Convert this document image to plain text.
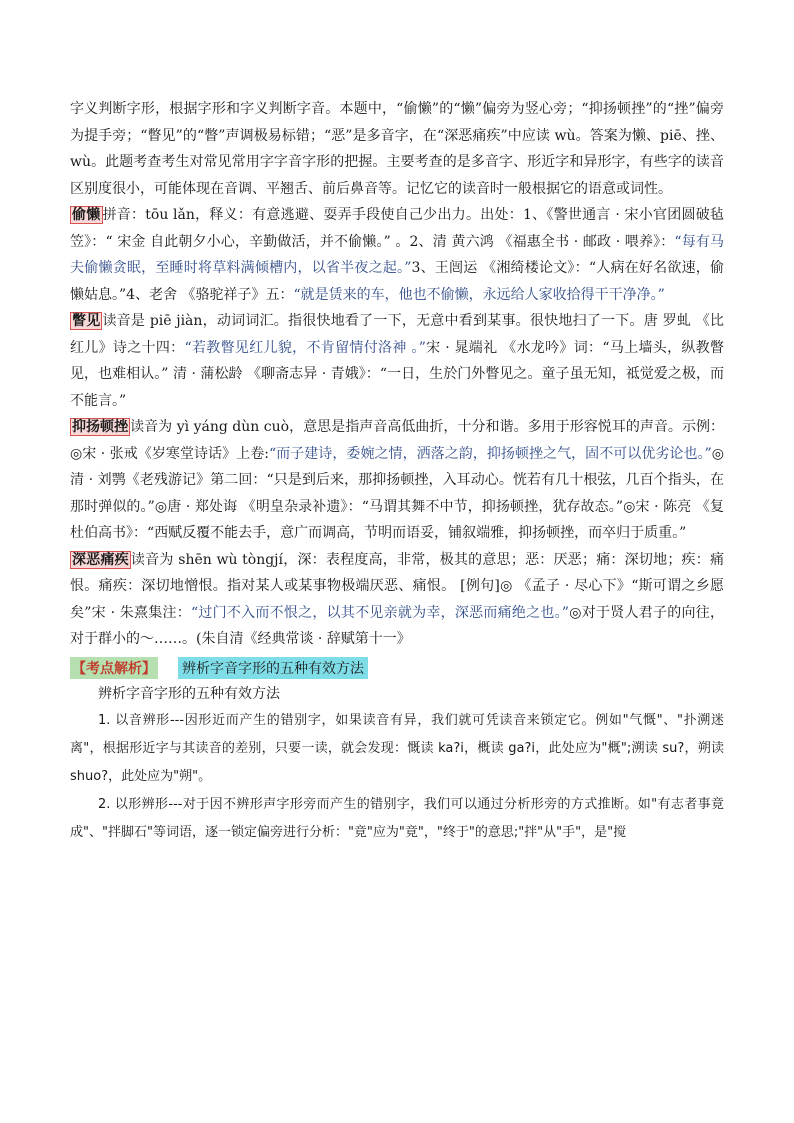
字义判断字形，根据字形和字义判断字音。本题中，“偷懒”的“懒”偏旁为竖心旁；“抑扬顿挫”的“挫”偏旁为提手旁；“瞥见”的“瞥”声调极易标错；“恶”是多音字，在“深恶痛疾”中应读 wù。答案为懒、piē、挫、wù。此题考查考生对常见常用字字音字形的把握。主要考查的是多音字、形近字和异形字，有些字的读音区别度很小，可能体现在音调、平翘舌、前后鼻音等。记忆它的读音时一般根据它的语意或词性。

偷懒 拼音：tōu lǎn，释义：有意逃避、耍弄手段使自己少出力。出处：1、《警世通言 · 宋小官团圆破毡笠》：“ 宋金 自此朝夕小心，辛勤做活，并不偷懒。” 。2、清 黄六鸿 《福惠全书 · 邮政 · 喂养》：“每有马夫偷懒贪眠，至睡时将草料满倾槽内，以省半夜之起。”3、王闿运 《湘绮楼论文》：“人病在好名欲速，偷懒姑息。”4、老舍 《骆驼祥子》五：“就是赁来的车，他也不偷懒，永远给人家收拾得干干净净。”

瞥见 读音是 piē jiàn，动词词汇。指很快地看了一下，无意中看到某事。很快地扫了一下。唐 罗虬 《比红儿》诗之十四：“若教瞥见红儿貌，不肯留情付洛神 。”宋 · 晁端礼 《水龙吟》词：“马上墙头，纵教瞥见，也难相认。” 清 · 蒲松龄 《聊斋志异 · 青娥》：“一日，生於门外瞥见之。童子虽无知，祗觉爱之极，而不能言。”

抑扬顿挫 读音为 yì yáng dùn cuò，意思是指声音高低曲折，十分和谐。多用于形容悦耳的声音。示例：◎宋 · 张戒《岁寒堂诗话》上卷:“而子建诗，委婉之情，洒落之韵，抑扬顿挫之气，固不可以优劣论也。”◎清 · 刘鹗《老残游记》第二回：“只是到后来，那抑扬顿挫，入耳动心。恍若有几十根弦，几百个指头，在那时弹似的。”◎唐 · 郑处诲 《明皇杂录补遗》：“马谓其舞不中节，抑扬顿挫，犹存故态。”◎宋 · 陈亮 《复杜伯高书》：“西赋反覆不能去手，意广而调高，节明而语妥，铺叙端雅，抑扬顿挫，而卒归于质重。”

深恶痛疾 读音为 shēn wù tòngjí，深：表程度高，非常，极其的意思；恶：厌恶；痛：深切地；疾：痛恨。痛疾：深切地憎恨。指对某人或某事物极端厌恶、痛恨。 [例句]◎ 《孟子 · 尽心下》“斯可谓之乡愿矣”宋 · 朱熹集注：“过门不入而不恨之，以其不见亲就为幸，深恶而痛绝之也。”◎对于贤人君子的向往，对于群小的～……。(朱自清《经典常谈 · 辞赋第十一》

【考点解析】 辨析字音字形的五种有效方法

辨析字音字形的五种有效方法

1. 以音辨形---因形近而产生的错别字，如果读音有异，我们就可凭读音来锁定它。例如"气慨"、"扑溯迷离"，根据形近字与其读音的差别，只要一读，就会发现：慨读 ka?i，概读 ga?i，此处应为"概";溯读 su?，朔读 shuo?，此处应为"朔"。

2. 以形辨形---对于因不辨形声字形旁而产生的错别字，我们可以通过分析形旁的方式推断。如"有志者事竟成"、"拌脚石"等词语，逐一锁定偏旁进行分析："竟"应为"竟"，"终于"的意思;"拌"从"手"，是"搅
